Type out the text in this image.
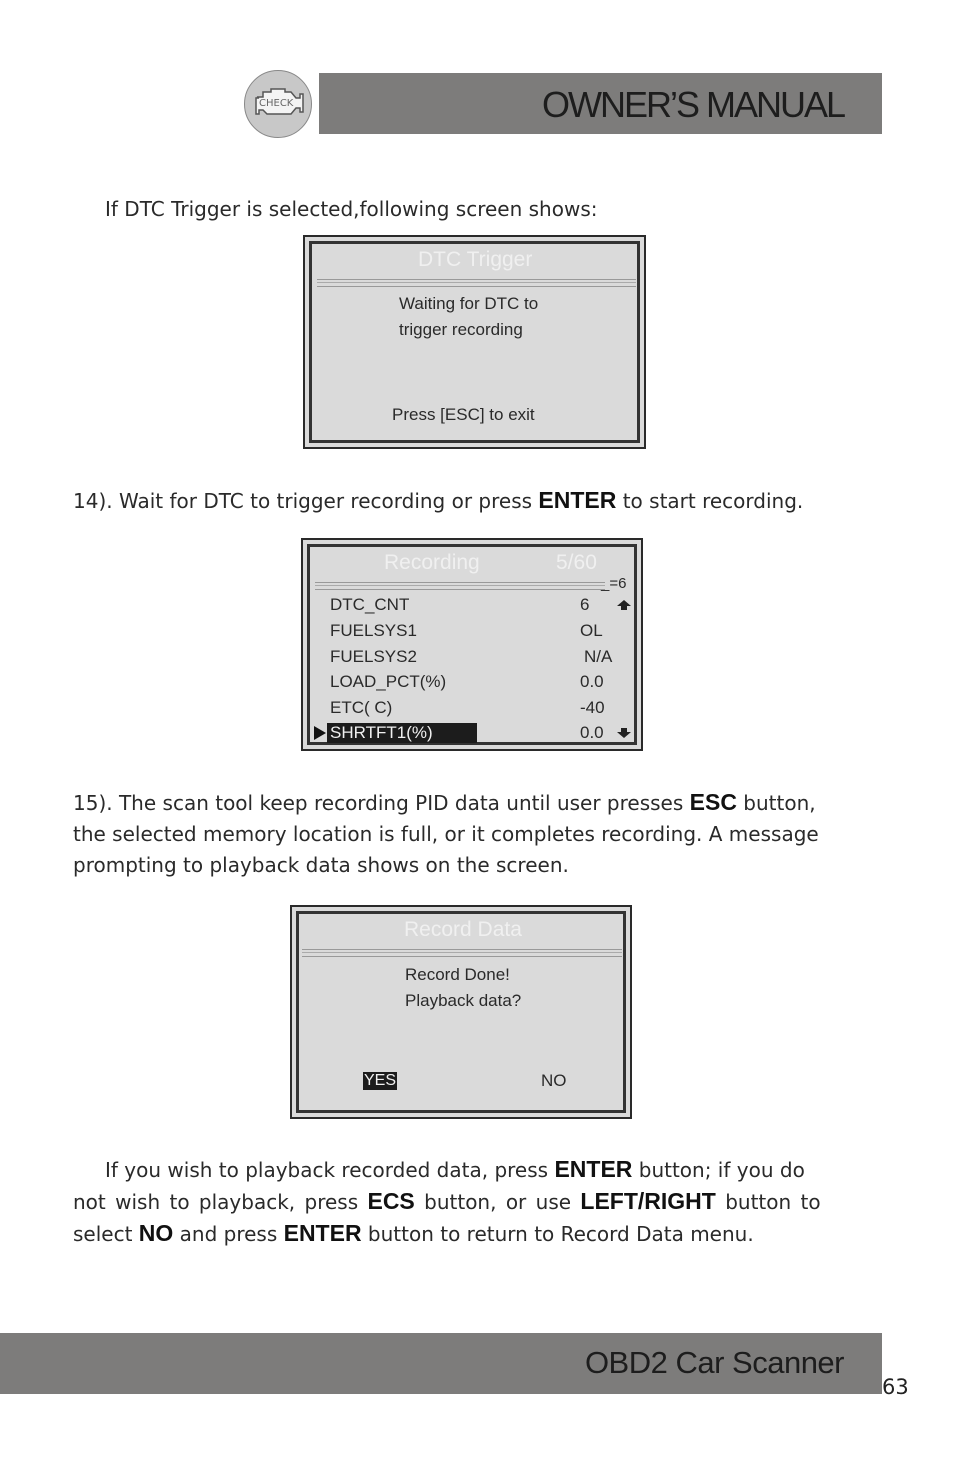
CHECK	OWNER’S MANUAL
If DTC Trigger is selected,following screen shows:
DTC Trigger
Waiting for DTC to
trigger recording
Press [ESC] to exit
14). Wait for DTC to trigger recording or press ENTER to start recording.
Recording	5/60
_=6
DTC_CNT	6
FUELSYS1	OL
FUELSYS2	N/A
LOAD_PCT(%)	0.0
ETC( C)	-40
SHRTFT1(%)	0.0
15). The scan tool keep recording PID data until user presses ESC button,
the selected memory location is full, or it completes recording. A message
prompting to playback data shows on the screen.
Record Data
Record Done!
Playback data?
YES	NO
If you wish to playback recorded data, press ENTER button; if you do
not wish to playback, press ECS button, or use LEFT/RIGHT button to
select NO and press ENTER button to return to Record Data menu.
OBD2 Car Scanner
63
